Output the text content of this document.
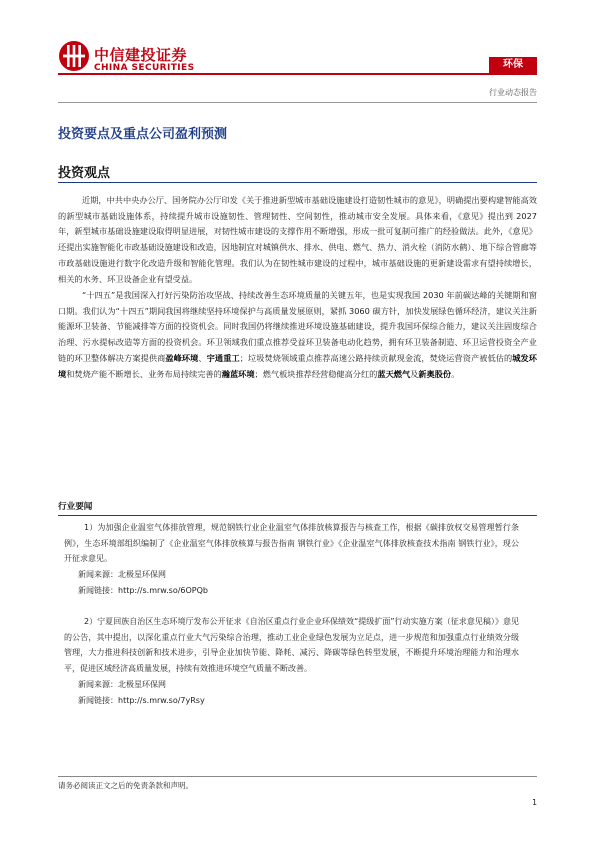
中信建投证券
CHINA SECURITIES	环保
行业动态报告
投资要点及重点公司盈利预测
投资观点
近期，中共中央办公厅、国务院办公厅印发《关于推进新型城市基础设施建设打造韧性城市的意见》，明确提出要构建智能高效的新型城市基础设施体系，持续提升城市设施韧性、管理韧性、空间韧性，推动城市安全发展。具体来看，《意见》提出到 2027 年，新型城市基础设施建设取得明显进展，对韧性城市建设的支撑作用不断增强，形成一批可复制可推广的经验做法。此外，《意见》还提出实施智能化市政基础设施建设和改造，因地制宜对城镇供水、排水、供电、燃气、热力、消火栓（消防水鹤）、地下综合管廊等市政基础设施进行数字化改造升级和智能化管理。我们认为在韧性城市建设的过程中，城市基础设施的更新建设需求有望持续增长，相关的水务、环卫设备企业有望受益。
“十四五”是我国深入打好污染防治攻坚战、持续改善生态环境质量的关键五年，也是实现我国 2030 年前碳达峰的关键期和窗口期。我们认为“十四五”期间我国将继续坚持环境保护与高质量发展原则，紧抓 3060 碳方针，加快发展绿色循环经济，建议关注新能源环卫装备、节能减排等方面的投资机会。同时我国仍将继续推进环境设施基础建设，提升我国环保综合能力，建议关注固废综合治理、污水提标改造等方面的投资机会。环卫领域我们重点推荐受益环卫装备电动化趋势，拥有环卫装备制造、环卫运营投资全产业链的环卫整体解决方案提供商盈峰环境、宇通重工；垃圾焚烧领域重点推荐高速公路持续贡献现金流，焚烧运营资产被低估的城发环境和焚烧产能不断增长、业务布局持续完善的瀚蓝环境；燃气板块推荐经营稳健高分红的蓝天燃气及新奥股份。
行业要闻
1）为加强企业温室气体排放管理，规范钢铁行业企业温室气体排放核算报告与核查工作，根据《碳排放权交易管理暂行条例》，生态环境部组织编制了《企业温室气体排放核算与报告指南 钢铁行业》《企业温室气体排放核查技术指南 钢铁行业》，现公开征求意见。
新闻来源：北极星环保网
新闻链接：http://s.mrw.so/6OPQb
2）宁夏回族自治区生态环境厅发布公开征求《自治区重点行业企业环保绩效“提级扩面”行动实施方案（征求意见稿）》意见的公告，其中提出，以深化重点行业大气污染综合治理，推动工业企业绿色发展为立足点，进一步规范和加强重点行业绩效分级管理，大力推进科技创新和技术进步，引导企业加快节能、降耗、减污、降碳等绿色转型发展，不断提升环境治理能力和治理水平，促进区域经济高质量发展，持续有效推进环境空气质量不断改善。
新闻来源：北极星环保网
新闻链接：http://s.mrw.so/7yRsy
请务必阅读正文之后的免责条款和声明。
1
